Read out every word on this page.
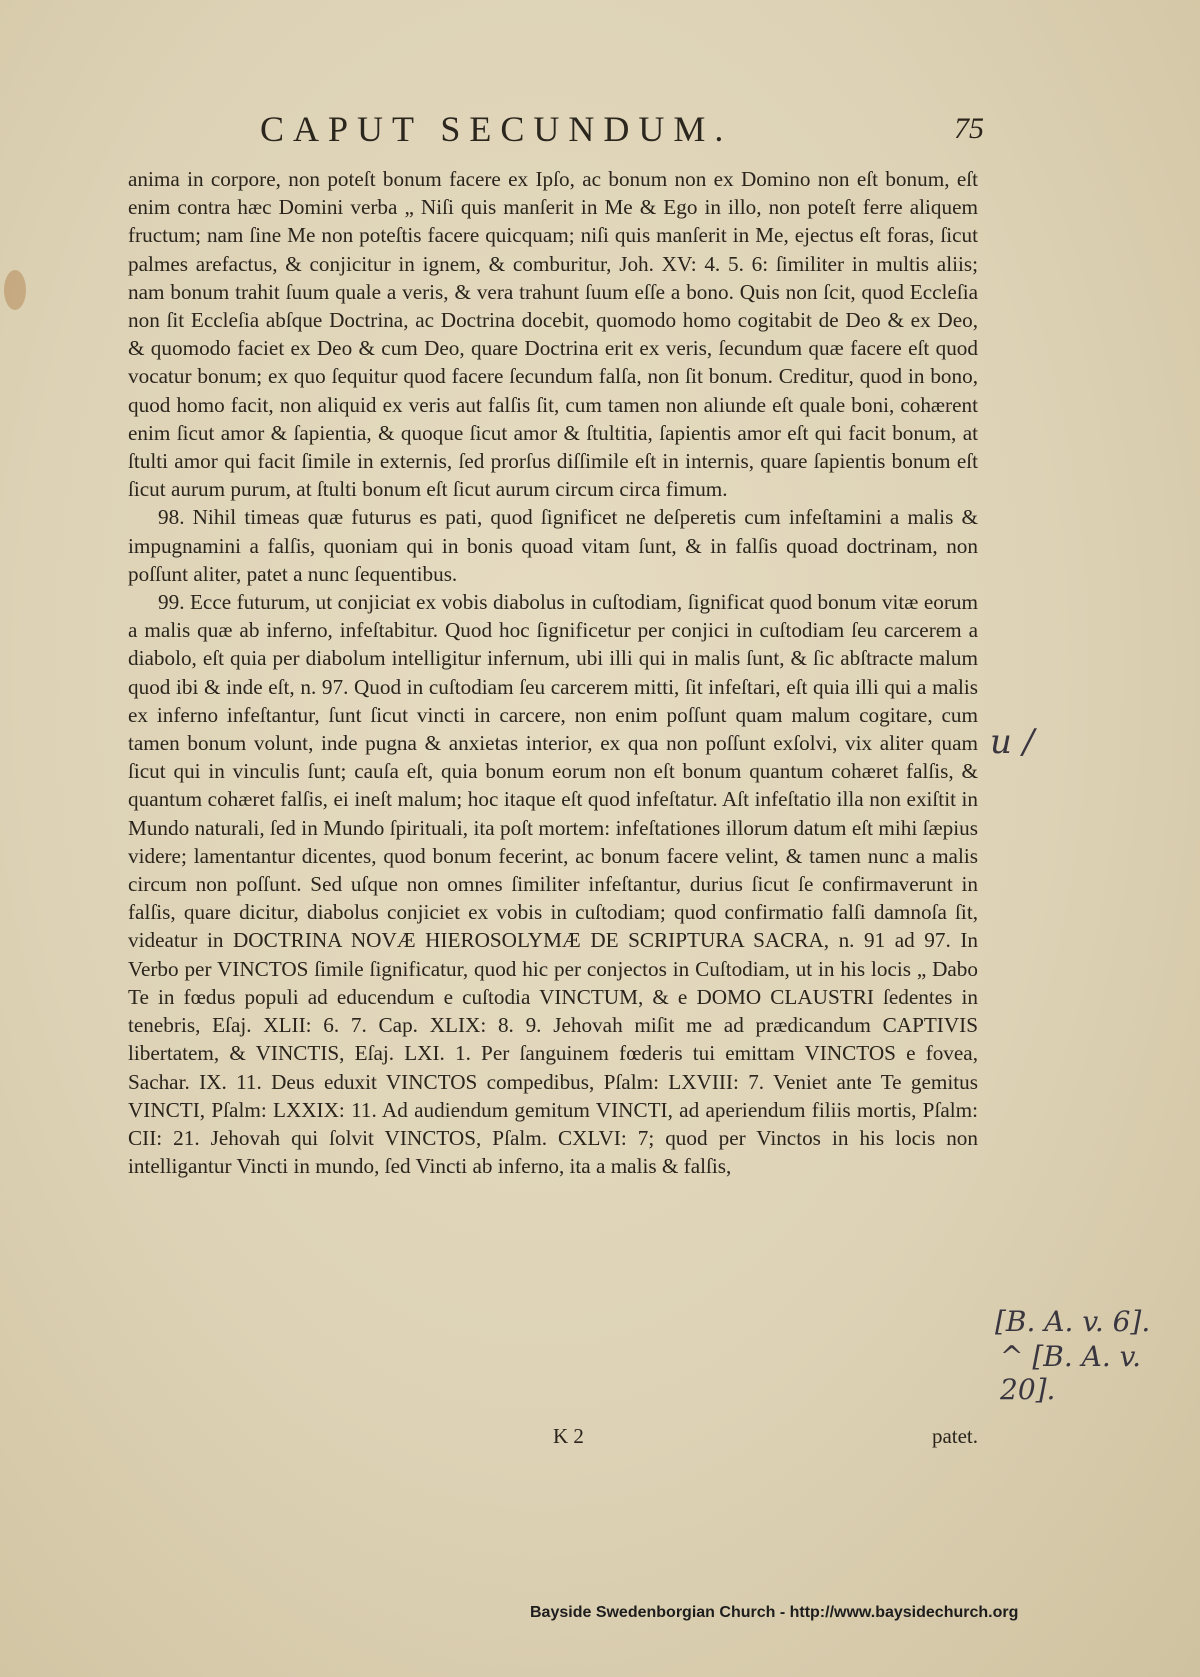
CAPUT SECUNDUM.	75

anima in corpore, non poteſt bonum facere ex Ipſo, ac bonum non ex Domino non eſt bonum, eſt enim contra hæc Domini verba „ Niſi quis manſerit in Me & Ego in illo, non poteſt ferre aliquem fructum; nam ſine Me non poteſtis facere quicquam; niſi quis manſerit in Me, ejectus eſt foras, ſicut palmes arefactus, & conjicitur in ignem, & comburitur, Joh. XV: 4. 5. 6: ſimiliter in multis aliis; nam bonum trahit ſuum quale a veris, & vera trahunt ſuum eſſe a bono. Quis non ſcit, quod Eccleſia non ſit Eccleſia abſque Doctrina, ac Doctrina docebit, quomodo homo cogitabit de Deo & ex Deo, & quomodo faciet ex Deo & cum Deo, quare Doctrina erit ex veris, ſecundum quæ facere eſt quod vocatur bonum; ex quo ſequitur quod facere ſecundum falſa, non ſit bonum. Creditur, quod in bono, quod homo facit, non aliquid ex veris aut falſis ſit, cum tamen non aliunde eſt quale boni, cohærent enim ſicut amor & ſapientia, & quoque ſicut amor & ſtultitia, ſapientis amor eſt qui facit bonum, at ſtulti amor qui facit ſimile in externis, ſed prorſus diſſimile eſt in internis, quare ſapientis bonum eſt ſicut aurum purum, at ſtulti bonum eſt ſicut aurum circum circa fimum.

98. Nihil timeas quæ futurus es pati, quod ſignificet ne deſperetis cum infeſtamini a malis & impugnamini a falſis, quoniam qui in bonis quoad vitam ſunt, & in falſis quoad doctrinam, non poſſunt aliter, patet a nunc ſequentibus.

99. Ecce futurum, ut conjiciat ex vobis diabolus in cuſtodiam, ſignificat quod bonum vitæ eorum a malis quæ ab inferno, infeſtabitur. Quod hoc ſignificetur per conjici in cuſtodiam ſeu carcerem a diabolo, eſt quia per diabolum intelligitur infernum, ubi illi qui in malis ſunt, & ſic abſtracte malum quod ibi & inde eſt, n. 97. Quod in cuſtodiam ſeu carcerem mitti, ſit infeſtari, eſt quia illi qui a malis ex inferno infeſtantur, ſunt ſicut vincti in carcere, non enim poſſunt quam malum cogitare, cum tamen bonum volunt, inde pugna & anxietas interior, ex qua non poſſunt exſolvi, vix aliter quam ſicut qui in vinculis ſunt; cauſa eſt, quia bonum eorum non eſt bonum quantum cohæret falſis, & quantum cohæret falſis, ei ineſt malum; hoc itaque eſt quod infeſtatur. Aſt infeſtatio illa non exiſtit in Mundo naturali, ſed in Mundo ſpirituali, ita poſt mortem: infeſtationes illorum datum eſt mihi ſæpius videre; lamentantur dicentes, quod bonum fecerint, ac bonum facere velint, & tamen nunc a malis circum non poſſunt. Sed uſque non omnes ſimiliter infeſtantur, durius ſicut ſe confirmaverunt in falſis, quare dicitur, diabolus conjiciet ex vobis in cuſtodiam; quod confirmatio falſi damnoſa ſit, videatur in DOCTRINA NOVÆ HIEROSOLYMÆ DE SCRIPTURA SACRA, n. 91 ad 97. In Verbo per VINCTOS ſimile ſignificatur, quod hic per conjectos in Cuſtodiam, ut in his locis „ Dabo Te in fœdus populi ad educendum e cuſtodia VINCTUM, & e DOMO CLAUSTRI ſedentes in tenebris, Eſaj. XLII: 6. 7. Cap. XLIX: 8. 9. Jehovah miſit me ad prædicandum CAPTIVIS libertatem, & VINCTIS, Eſaj. LXI. 1. Per ſanguinem fœderis tui emittam VINCTOS e fovea, Sachar. IX. 11. Deus eduxit VINCTOS compedibus, Pſalm: LXVIII: 7. Veniet ante Te gemitus VINCTI, Pſalm: LXXIX: 11. Ad audiendum gemitum VINCTI, ad aperiendum filiis mortis, Pſalm: CII: 21. Jehovah qui ſolvit VINCTOS, Pſalm. CXLVI: 7; quod per Vinctos in his locis non intelligantur Vincti in mundo, ſed Vincti ab inferno, ita a malis & falſis,

K 2	patet.
u /
[B. A. v. 6].
^ [B. A. v. 20].
Bayside Swedenborgian Church - http://www.baysidechurch.org
